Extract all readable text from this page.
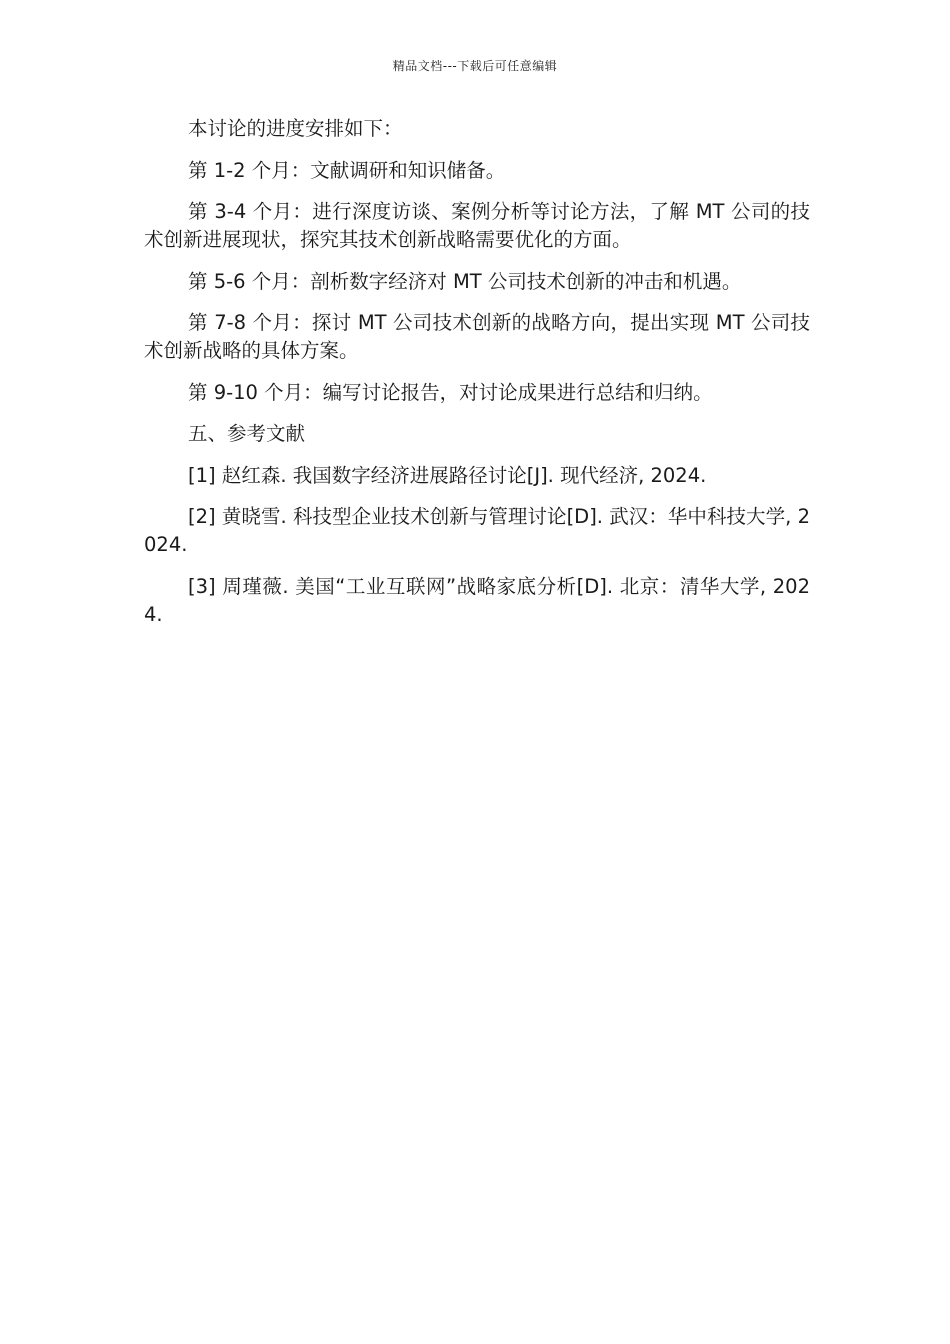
精品文档---下载后可任意编辑

本讨论的进度安排如下：

第 1-2 个月：文献调研和知识储备。

第 3-4 个月：进行深度访谈、案例分析等讨论方法，了解 MT 公司的技术创新进展现状，探究其技术创新战略需要优化的方面。

第 5-6 个月：剖析数字经济对 MT 公司技术创新的冲击和机遇。

第 7-8 个月：探讨 MT 公司技术创新的战略方向，提出实现 MT 公司技术创新战略的具体方案。

第 9-10 个月：编写讨论报告，对讨论成果进行总结和归纳。

五、参考文献

[1] 赵红森. 我国数字经济进展路径讨论[J]. 现代经济, 2024.

[2] 黄晓雪. 科技型企业技术创新与管理讨论[D]. 武汉：华中科技大学, 2024.

[3] 周瑾薇. 美国“工业互联网”战略家底分析[D]. 北京：清华大学, 2024.
